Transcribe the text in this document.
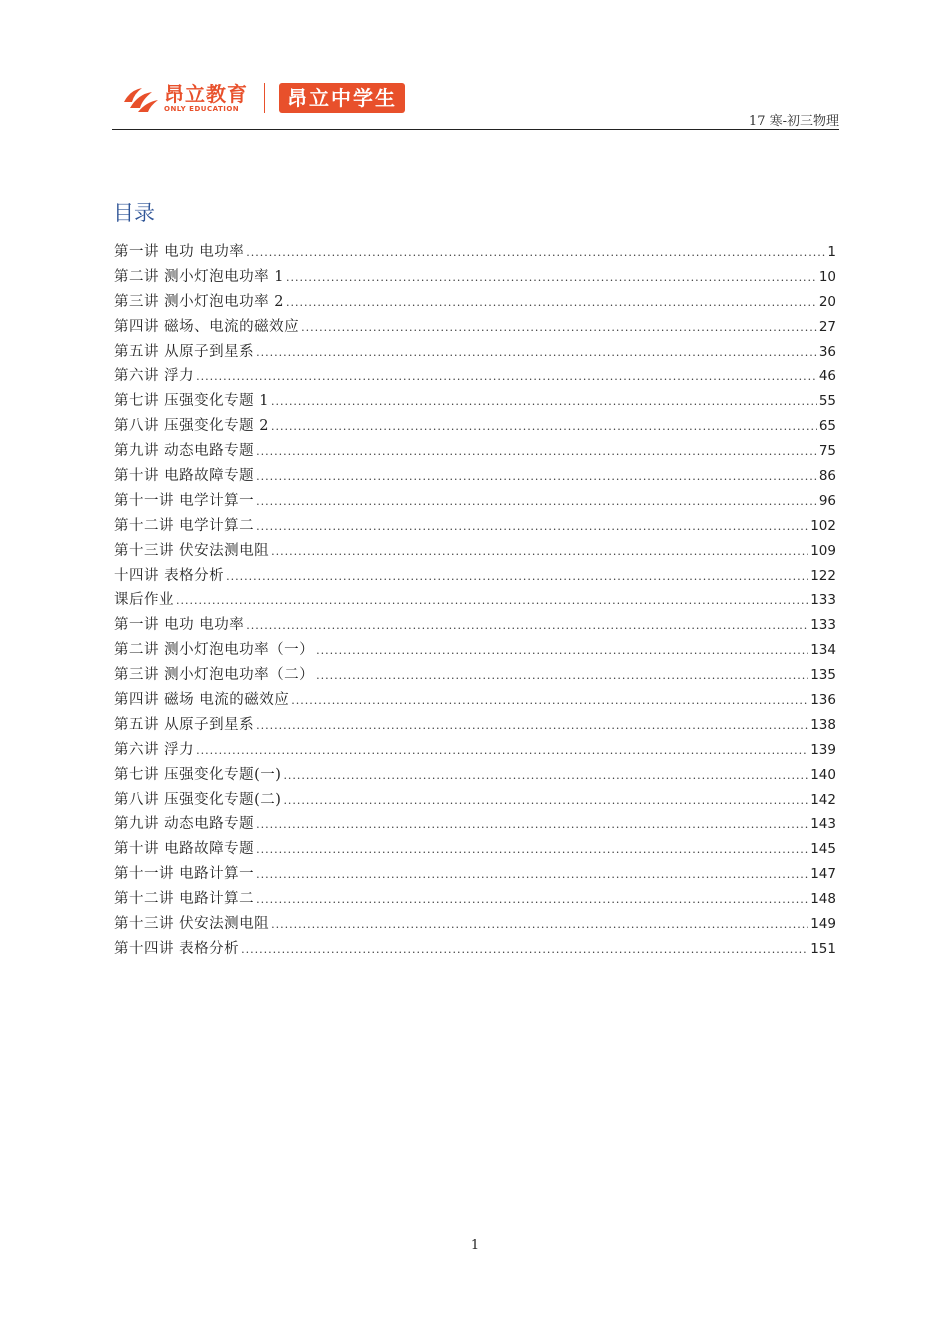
昂立教育
ONLY EDUCATION	昂立中学生
17 寒-初三物理
目录
第一讲 电功 电功率 .....	1
第二讲 测小灯泡电功率 1 .....	10
第三讲 测小灯泡电功率 2 .....	20
第四讲 磁场、电流的磁效应 .....	27
第五讲 从原子到星系 .....	36
第六讲 浮力 .....	46
第七讲 压强变化专题 1 .....	55
第八讲 压强变化专题 2 .....	65
第九讲 动态电路专题 .....	75
第十讲 电路故障专题 .....	86
第十一讲 电学计算一 .....	96
第十二讲 电学计算二 .....	102
第十三讲 伏安法测电阻 .....	109
十四讲 表格分析 .....	122
课后作业 .....	133
第一讲 电功 电功率 .....	133
第二讲 测小灯泡电功率（一） .....	134
第三讲 测小灯泡电功率（二） .....	135
第四讲 磁场 电流的磁效应 .....	136
第五讲 从原子到星系 .....	138
第六讲 浮力 .....	139
第七讲 压强变化专题(一) .....	140
第八讲 压强变化专题(二) .....	142
第九讲 动态电路专题 .....	143
第十讲 电路故障专题 .....	145
第十一讲 电路计算一 .....	147
第十二讲 电路计算二 .....	148
第十三讲 伏安法测电阻 .....	149
第十四讲 表格分析 .....	151
1
